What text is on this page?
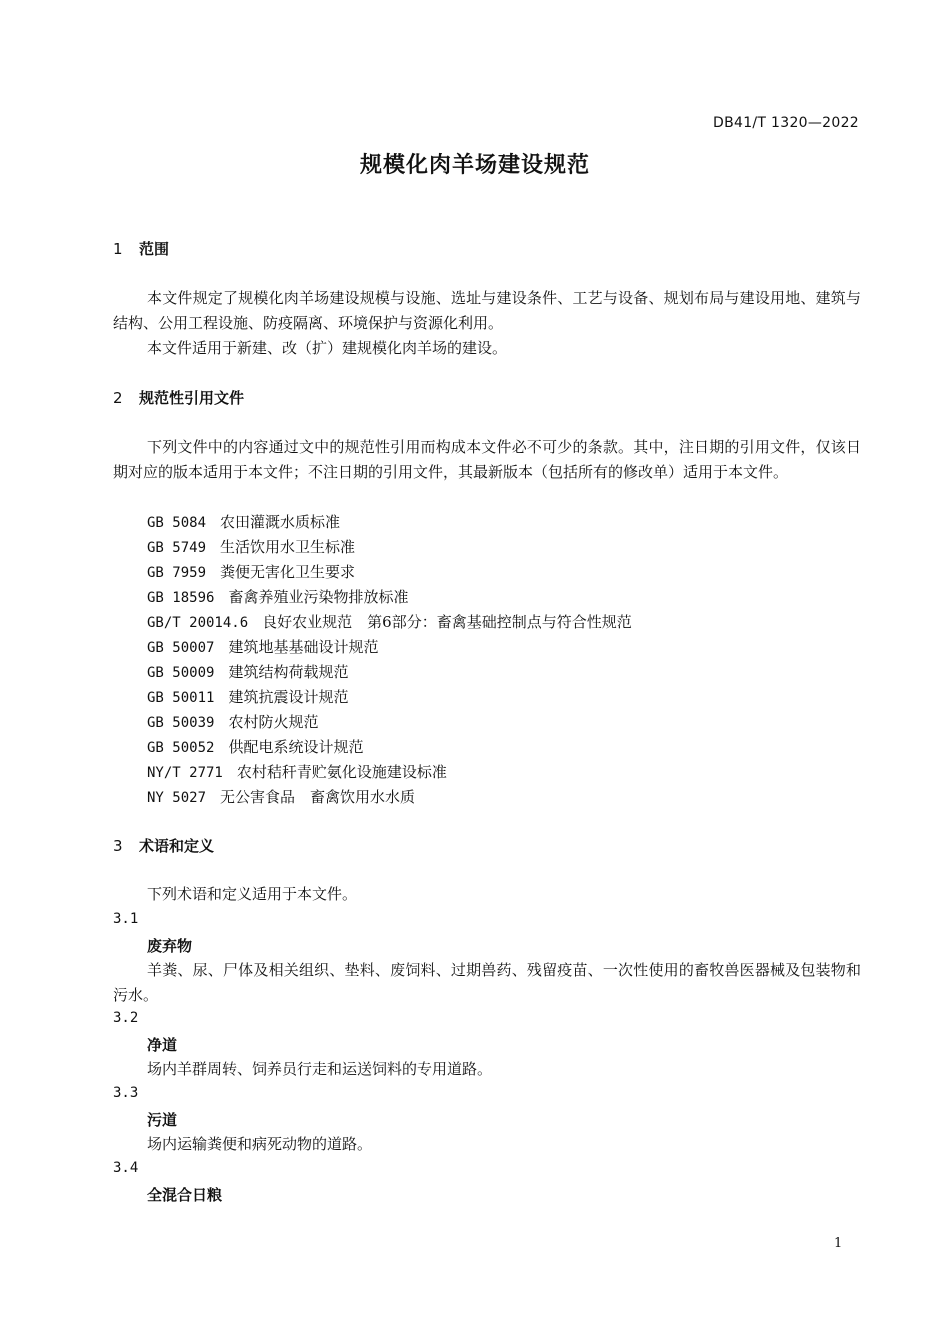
DB41/T 1320—2022
规模化肉羊场建设规范
1 范围
本文件规定了规模化肉羊场建设规模与设施、选址与建设条件、工艺与设备、规划布局与建设用地、建筑与结构、公用工程设施、防疫隔离、环境保护与资源化利用。
本文件适用于新建、改（扩）建规模化肉羊场的建设。
2 规范性引用文件
下列文件中的内容通过文中的规范性引用而构成本文件必不可少的条款。其中，注日期的引用文件，仅该日期对应的版本适用于本文件；不注日期的引用文件，其最新版本（包括所有的修改单）适用于本文件。
GB 5084 农田灌溉水质标准
GB 5749 生活饮用水卫生标准
GB 7959 粪便无害化卫生要求
GB 18596 畜禽养殖业污染物排放标准
GB/T 20014.6 良好农业规范　第6部分：畜禽基础控制点与符合性规范
GB 50007 建筑地基基础设计规范
GB 50009 建筑结构荷载规范
GB 50011 建筑抗震设计规范
GB 50039 农村防火规范
GB 50052 供配电系统设计规范
NY/T 2771 农村秸秆青贮氨化设施建设标准
NY 5027 无公害食品　畜禽饮用水水质
3 术语和定义
下列术语和定义适用于本文件。
3.1
废弃物
羊粪、尿、尸体及相关组织、垫料、废饲料、过期兽药、残留疫苗、一次性使用的畜牧兽医器械及包装物和污水。
3.2
净道
场内羊群周转、饲养员行走和运送饲料的专用道路。
3.3
污道
场内运输粪便和病死动物的道路。
3.4
全混合日粮
1
